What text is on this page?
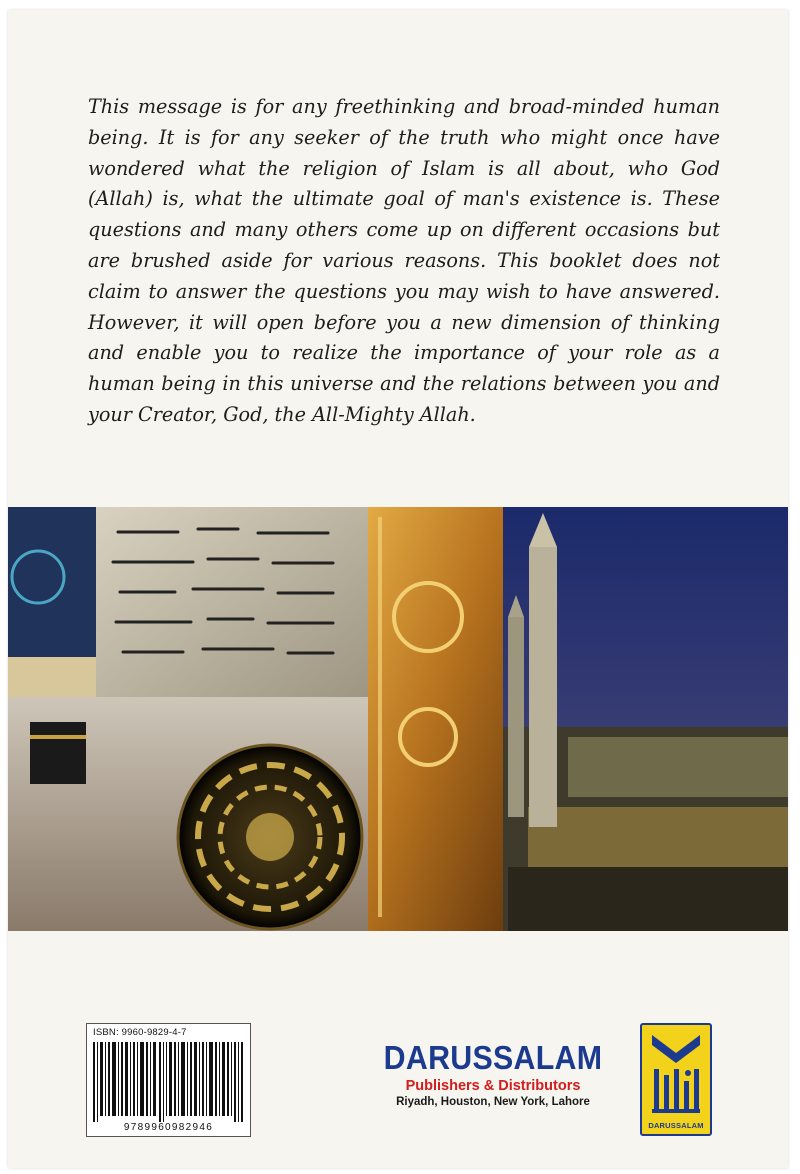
This message is for any freethinking and broad-minded human being. It is for any seeker of the truth who might once have wondered what the religion of Islam is all about, who God (Allah) is, what the ultimate goal of man's existence is. These questions and many others come up on different occasions but are brushed aside for various reasons. This booklet does not claim to answer the questions you may wish to have answered. However, it will open before you a new dimension of thinking and enable you to realize the importance of your role as a human being in this universe and the relations between you and your Creator, God, the All-Mighty Allah.

ISBN: 9960-9829-4-7
9789960982946
DARUSSALAM
Publishers & Distributors
Riyadh, Houston, New York, Lahore
DARUSSALAM
